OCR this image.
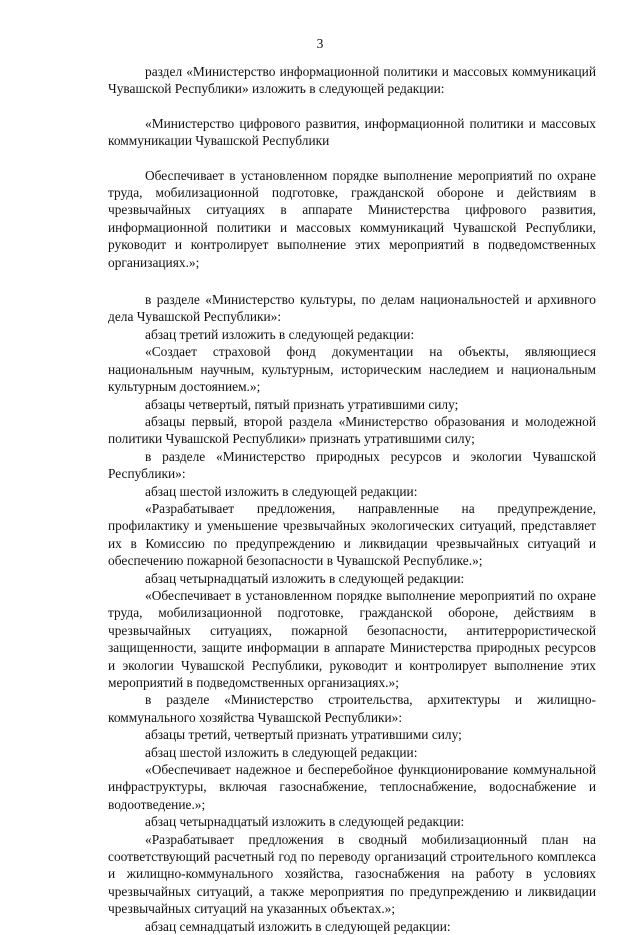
3

раздел «Министерство информационной политики и массовых коммуникаций Чувашской Республики» изложить в следующей редакции:

«Министерство цифрового развития, информационной политики и массовых коммуникации Чувашской Республики

Обеспечивает в установленном порядке выполнение мероприятий по охране труда, мобилизационной подготовке, гражданской обороне и действиям в чрезвычайных ситуациях в аппарате Министерства цифрового развития, информационной политики и массовых коммуникаций Чувашской Республики, руководит и контролирует выполнение этих мероприятий в подведомственных организациях.»;

в разделе «Министерство культуры, по делам национальностей и архивного дела Чувашской Республики»:

абзац третий изложить в следующей редакции:

«Создает страховой фонд документации на объекты, являющиеся национальным научным, культурным, историческим наследием и национальным культурным достоянием.»;

абзацы четвертый, пятый признать утратившими силу;

абзацы первый, второй раздела «Министерство образования и молодежной политики Чувашской Республики» признать утратившими силу;

в разделе «Министерство природных ресурсов и экологии Чувашской Республики»:

абзац шестой изложить в следующей редакции:

«Разрабатывает предложения, направленные на предупреждение, профилактику и уменьшение чрезвычайных экологических ситуаций, представляет их в Комиссию по предупреждению и ликвидации чрезвычайных ситуаций и обеспечению пожарной безопасности в Чувашской Республике.»;

абзац четырнадцатый изложить в следующей редакции:

«Обеспечивает в установленном порядке выполнение мероприятий по охране труда, мобилизационной подготовке, гражданской обороне, действиям в чрезвычайных ситуациях, пожарной безопасности, антитеррористической защищенности, защите информации в аппарате Министерства природных ресурсов и экологии Чувашской Республики, руководит и контролирует выполнение этих мероприятий в подведомственных организациях.»;

в разделе «Министерство строительства, архитектуры и жилищно-коммунального хозяйства Чувашской Республики»:

абзацы третий, четвертый признать утратившими силу;

абзац шестой изложить в следующей редакции:

«Обеспечивает надежное и бесперебойное функционирование коммунальной инфраструктуры, включая газоснабжение, теплоснабжение, водоснабжение и водоотведение.»;

абзац четырнадцатый изложить в следующей редакции:

«Разрабатывает предложения в сводный мобилизационный план на соответствующий расчетный год по переводу организаций строительного комплекса и жилищно-коммунального хозяйства, газоснабжения на работу в условиях чрезвычайных ситуаций, а также мероприятия по предупреждению и ликвидации чрезвычайных ситуаций на указанных объектах.»;

абзац семнадцатый изложить в следующей редакции:
